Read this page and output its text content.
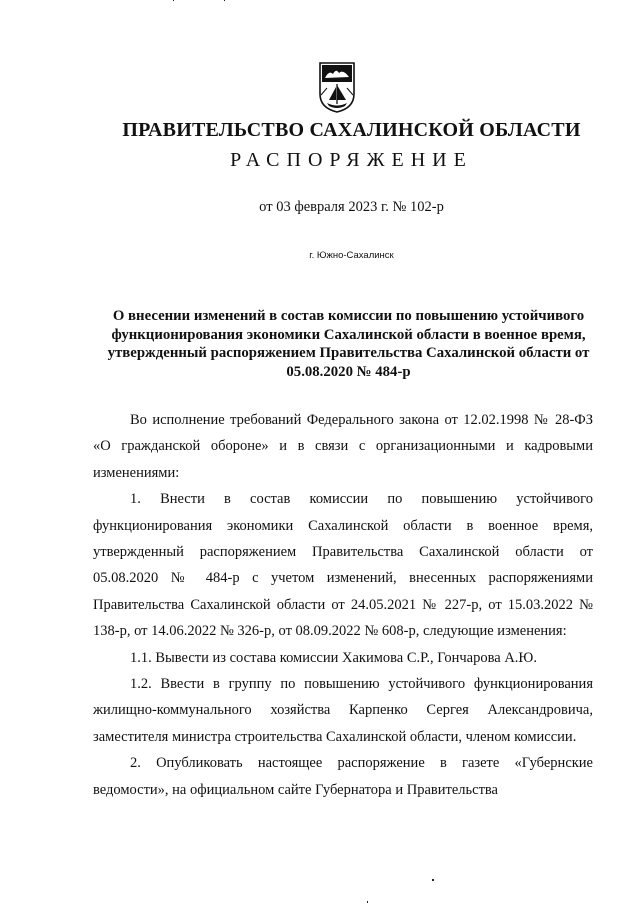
ПРАВИТЕЛЬСТВО САХАЛИНСКОЙ ОБЛАСТИ
РАСПОРЯЖЕНИЕ
от 03 февраля 2023 г. № 102-р
г. Южно-Сахалинск
О внесении изменений в состав комиссии по повышению устойчивого
функционирования экономики Сахалинской области в военное время,
утвержденный распоряжением Правительства Сахалинской области от
05.08.2020 № 484-р

Во исполнение требований Федерального закона от 12.02.1998 № 28-ФЗ «О гражданской обороне» и в связи с организационными и кадровыми изменениями:

1. Внести в состав комиссии по повышению устойчивого функционирования экономики Сахалинской области в военное время, утвержденный распоряжением Правительства Сахалинской области от 05.08.2020 № 484-р с учетом изменений, внесенных распоряжениями Правительства Сахалинской области от 24.05.2021 № 227-р, от 15.03.2022 № 138-р, от 14.06.2022 № 326-р, от 08.09.2022 № 608-р, следующие изменения:

1.1. Вывести из состава комиссии Хакимова С.Р., Гончарова А.Ю.

1.2. Ввести в группу по повышению устойчивого функционирования жилищно-коммунального хозяйства Карпенко Сергея Александровича, заместителя министра строительства Сахалинской области, членом комиссии.

2. Опубликовать настоящее распоряжение в газете «Губернские ведомости», на официальном сайте Губернатора и Правительства
